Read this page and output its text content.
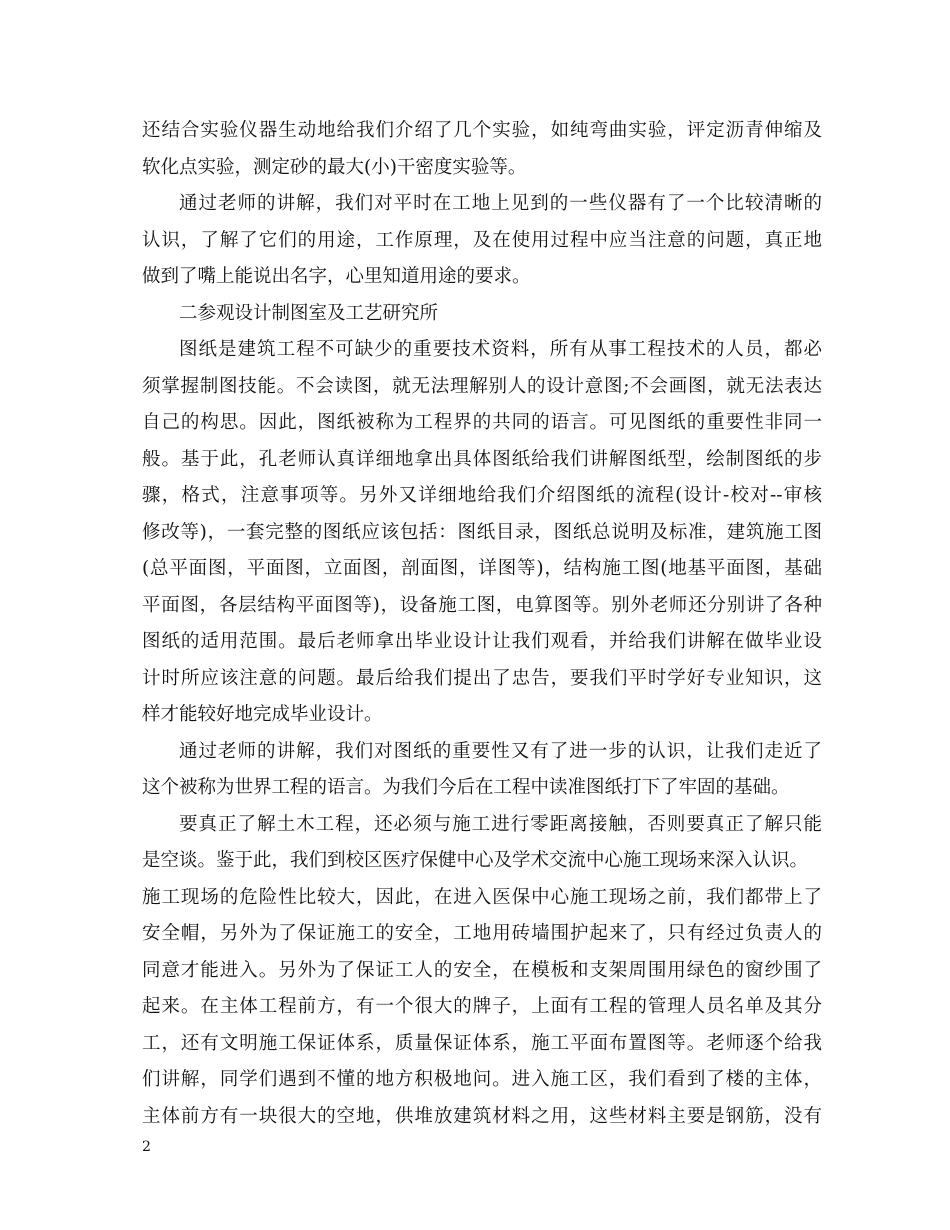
还结合实验仪器生动地给我们介绍了几个实验，如纯弯曲实验，评定沥青伸缩及
软化点实验，测定砂的最大(小)干密度实验等。
通过老师的讲解，我们对平时在工地上见到的一些仪器有了一个比较清晰的
认识，了解了它们的用途，工作原理，及在使用过程中应当注意的问题，真正地
做到了嘴上能说出名字，心里知道用途的要求。
二参观设计制图室及工艺研究所
图纸是建筑工程不可缺少的重要技术资料，所有从事工程技术的人员，都必
须掌握制图技能。不会读图，就无法理解别人的设计意图;不会画图，就无法表达
自己的构思。因此，图纸被称为工程界的共同的语言。可见图纸的重要性非同一
般。基于此，孔老师认真详细地拿出具体图纸给我们讲解图纸型，绘制图纸的步
骤，格式，注意事项等。另外又详细地给我们介绍图纸的流程(设计-校对--审核
修改等)，一套完整的图纸应该包括：图纸目录，图纸总说明及标准，建筑施工图
(总平面图，平面图，立面图，剖面图，详图等)，结构施工图(地基平面图，基础
平面图，各层结构平面图等)，设备施工图，电算图等。别外老师还分别讲了各种
图纸的适用范围。最后老师拿出毕业设计让我们观看，并给我们讲解在做毕业设
计时所应该注意的问题。最后给我们提出了忠告，要我们平时学好专业知识，这
样才能较好地完成毕业设计。
通过老师的讲解，我们对图纸的重要性又有了进一步的认识，让我们走近了
这个被称为世界工程的语言。为我们今后在工程中读准图纸打下了牢固的基础。
要真正了解土木工程，还必须与施工进行零距离接触，否则要真正了解只能
是空谈。鉴于此，我们到校区医疗保健中心及学术交流中心施工现场来深入认识。
施工现场的危险性比较大，因此，在进入医保中心施工现场之前，我们都带上了
安全帽，另外为了保证施工的安全，工地用砖墙围护起来了，只有经过负责人的
同意才能进入。另外为了保证工人的安全，在模板和支架周围用绿色的窗纱围了
起来。在主体工程前方，有一个很大的牌子，上面有工程的管理人员名单及其分
工，还有文明施工保证体系，质量保证体系，施工平面布置图等。老师逐个给我
们讲解，同学们遇到不懂的地方积极地问。进入施工区，我们看到了楼的主体，
主体前方有一块很大的空地，供堆放建筑材料之用，这些材料主要是钢筋，没有
2
